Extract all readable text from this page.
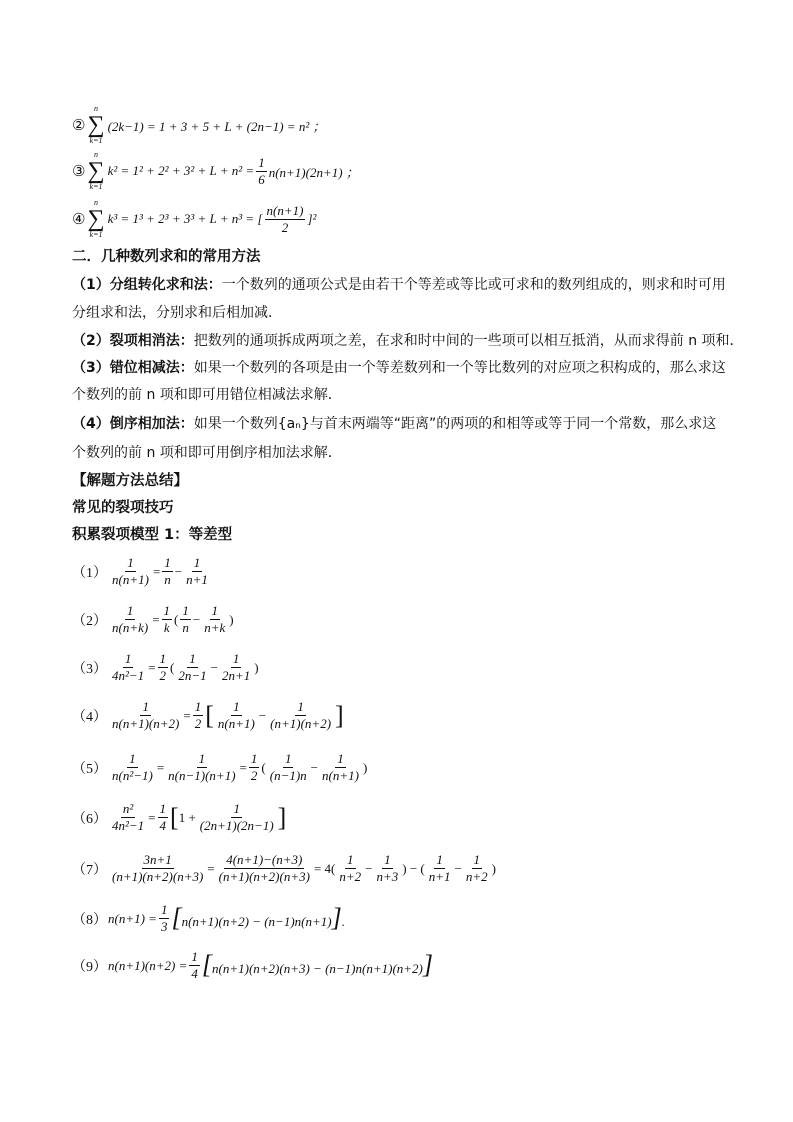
②
n
∑
k=1
(2k−1) = 1 + 3 + 5 + L + (2n−1) = n² ；
③
n
∑
k=1
$k^2 = 1^2 + 2^2 + 3^2 + L + n^2 = \frac{1}{6} n(n+1)(2n+1)$ ；
④
n
∑
k=1
k³ = 1³ + 2³ + 3³ + L + n³ = [ $\frac{n(n+1)}{2} ]^2$
二．几种数列求和的常用方法
（1）分组转化求和法：一个数列的通项公式是由若干个等差或等比或可求和的数列组成的，则求和时可用
分组求和法，分别求和后相加减．
（2）裂项相消法：把数列的通项拆成两项之差，在求和时中间的一些项可以相互抵消，从而求得前 n 项和．
（3）错位相减法：如果一个数列的各项是由一个等差数列和一个等比数列的对应项之积构成的，那么求这
个数列的前 n 项和即可用错位相减法求解．
（4）倒序相加法：如果一个数列{aₙ}与首末两端等“距离”的两项的和相等或等于同一个常数，那么求这
个数列的前 n 项和即可用倒序相加法求解．
【解题方法总结】
常见的裂项技巧
积累裂项模型 1：等差型
$(1) \frac{1}{n(n+1)} = \frac{1}{n} - \frac{1}{n+1}$
$(2) \frac{1}{n(n+k)} = \frac{1}{k}$ ( $\frac{1}{n} - \frac{1}{n+k}$ )
$(3) \frac{1}{\text{4n²−1}} = \frac{1}{2}$ ( $\frac{1}{2n-1} - \frac{1}{2n+1}$ )
$(4) \frac{1}{n(n+1)(n+2)} = \frac{1}{2}$ [ $\frac{1}{n(n+1)} - \frac{1}{(n+1)(n+2)}$ ]
$(5) \frac{1}{\text{n(n²−1)}} = \frac{1}{n(n-1)(n+1)} = \frac{1}{2}$ ( $\frac{1}{(n-1)n} - \frac{1}{n(n+1)}$ )
$(6) \frac{\text{n²}}{\text{4n²−1}} = \frac{1}{4}$ [ $1 + \frac{1}{(2n+1)(2n-1)}$ ]
$(7) \frac{3n+1}{(n+1)(n+2)(n+3)} = \frac{4(n+1)-(n+3)}{(n+1)(n+2)(n+3)} = 4( \frac{1}{n+2} - \frac{1}{n+3}$ ) − ( $\frac{1}{n+1} - \frac{1}{n+2}$ )
（8） $n(n+1) = \frac{1}{3} [n(n+1)(n+2) - (n-1)n(n+1)]$.
（9） $n(n+1)(n+2) = \frac{1}{4} [n(n+1)(n+2)(n+3) - (n-1)n(n+1)(n+2)]$
